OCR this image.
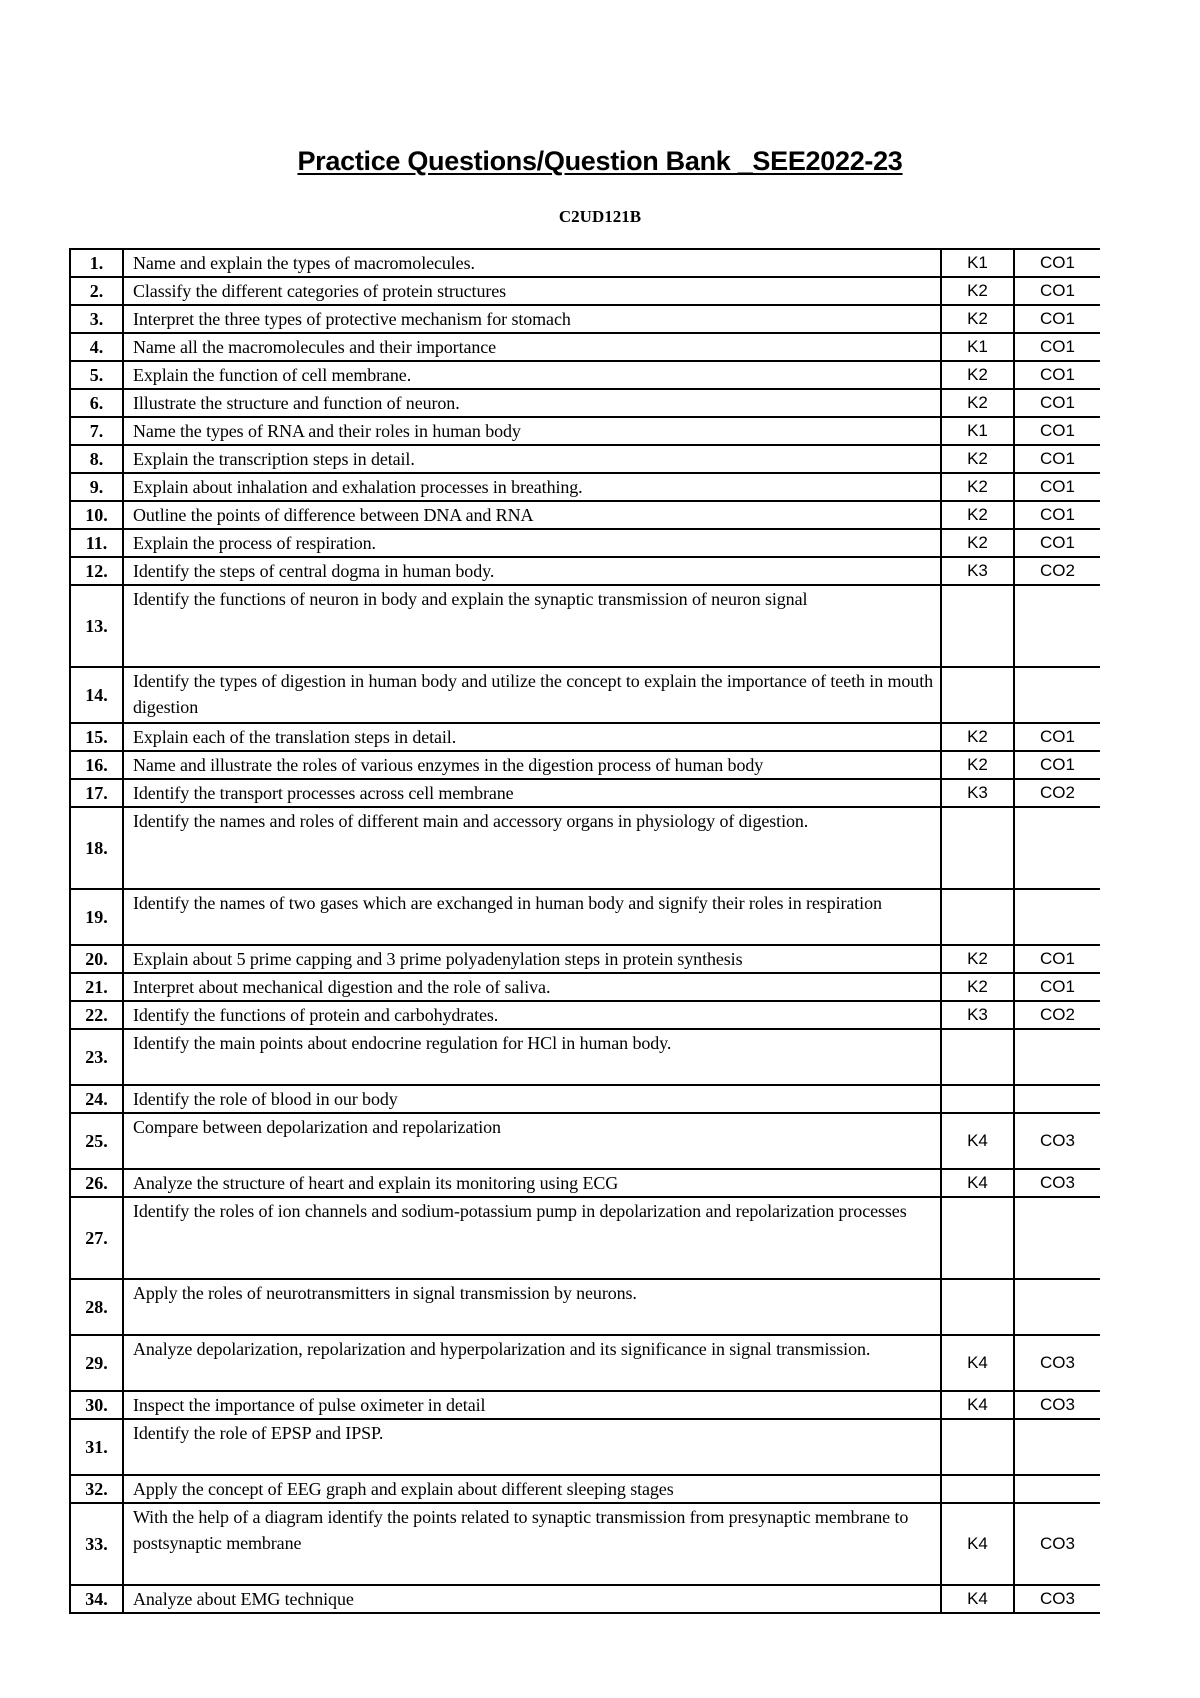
Practice Questions/Question Bank _SEE2022-23
C2UD121B
1.	Name and explain the types of macromolecules.	K1	CO1
2.	Classify the different categories of protein structures	K2	CO1
3.	Interpret the three types of protective mechanism for stomach	K2	CO1
4.	Name all the macromolecules and their importance	K1	CO1
5.	Explain the function of cell membrane.	K2	CO1
6.	Illustrate the structure and function of neuron.	K2	CO1
7.	Name the types of RNA and their roles in human body	K1	CO1
8.	Explain the transcription steps in detail.	K2	CO1
9.	Explain about inhalation and exhalation processes in breathing.	K2	CO1
10.	Outline the points of difference between DNA and RNA	K2	CO1
11.	Explain the process of respiration.	K2	CO1
12.	Identify the steps of central dogma in human body.	K3	CO2
13.	Identify the functions of neuron in body and explain the synaptic transmission of neuron signal		
14.	Identify the types of digestion in human body and utilize the concept to explain the importance of teeth in mouth digestion		
15.	Explain each of the translation steps in detail.	K2	CO1
16.	Name and illustrate the roles of various enzymes in the digestion process of human body	K2	CO1
17.	Identify the transport processes across cell membrane	K3	CO2
18.	Identify the names and roles of different main and accessory organs in physiology of digestion.		
19.	Identify the names of two gases which are exchanged in human body and signify their roles in respiration		
20.	Explain about 5 prime capping and 3 prime polyadenylation steps in protein synthesis	K2	CO1
21.	Interpret about mechanical digestion and the role of saliva.	K2	CO1
22.	Identify the functions of protein and carbohydrates.	K3	CO2
23.	Identify the main points about endocrine regulation for HCl in human body.		
24.	Identify the role of blood in our body		
25.	Compare between depolarization and repolarization	K4	CO3
26.	Analyze the structure of heart and explain its monitoring using ECG	K4	CO3
27.	Identify the roles of ion channels and sodium-potassium pump in depolarization and repolarization processes		
28.	Apply the roles of neurotransmitters in signal transmission by neurons.		
29.	Analyze depolarization, repolarization and hyperpolarization and its significance in signal transmission.	K4	CO3
30.	Inspect the importance of pulse oximeter in detail	K4	CO3
31.	Identify the role of EPSP and IPSP.		
32.	Apply the concept of EEG graph and explain about different sleeping stages		
33.	With the help of a diagram identify the points related to synaptic transmission from presynaptic membrane to postsynaptic membrane	K4	CO3
34.	Analyze about EMG technique	K4	CO3
